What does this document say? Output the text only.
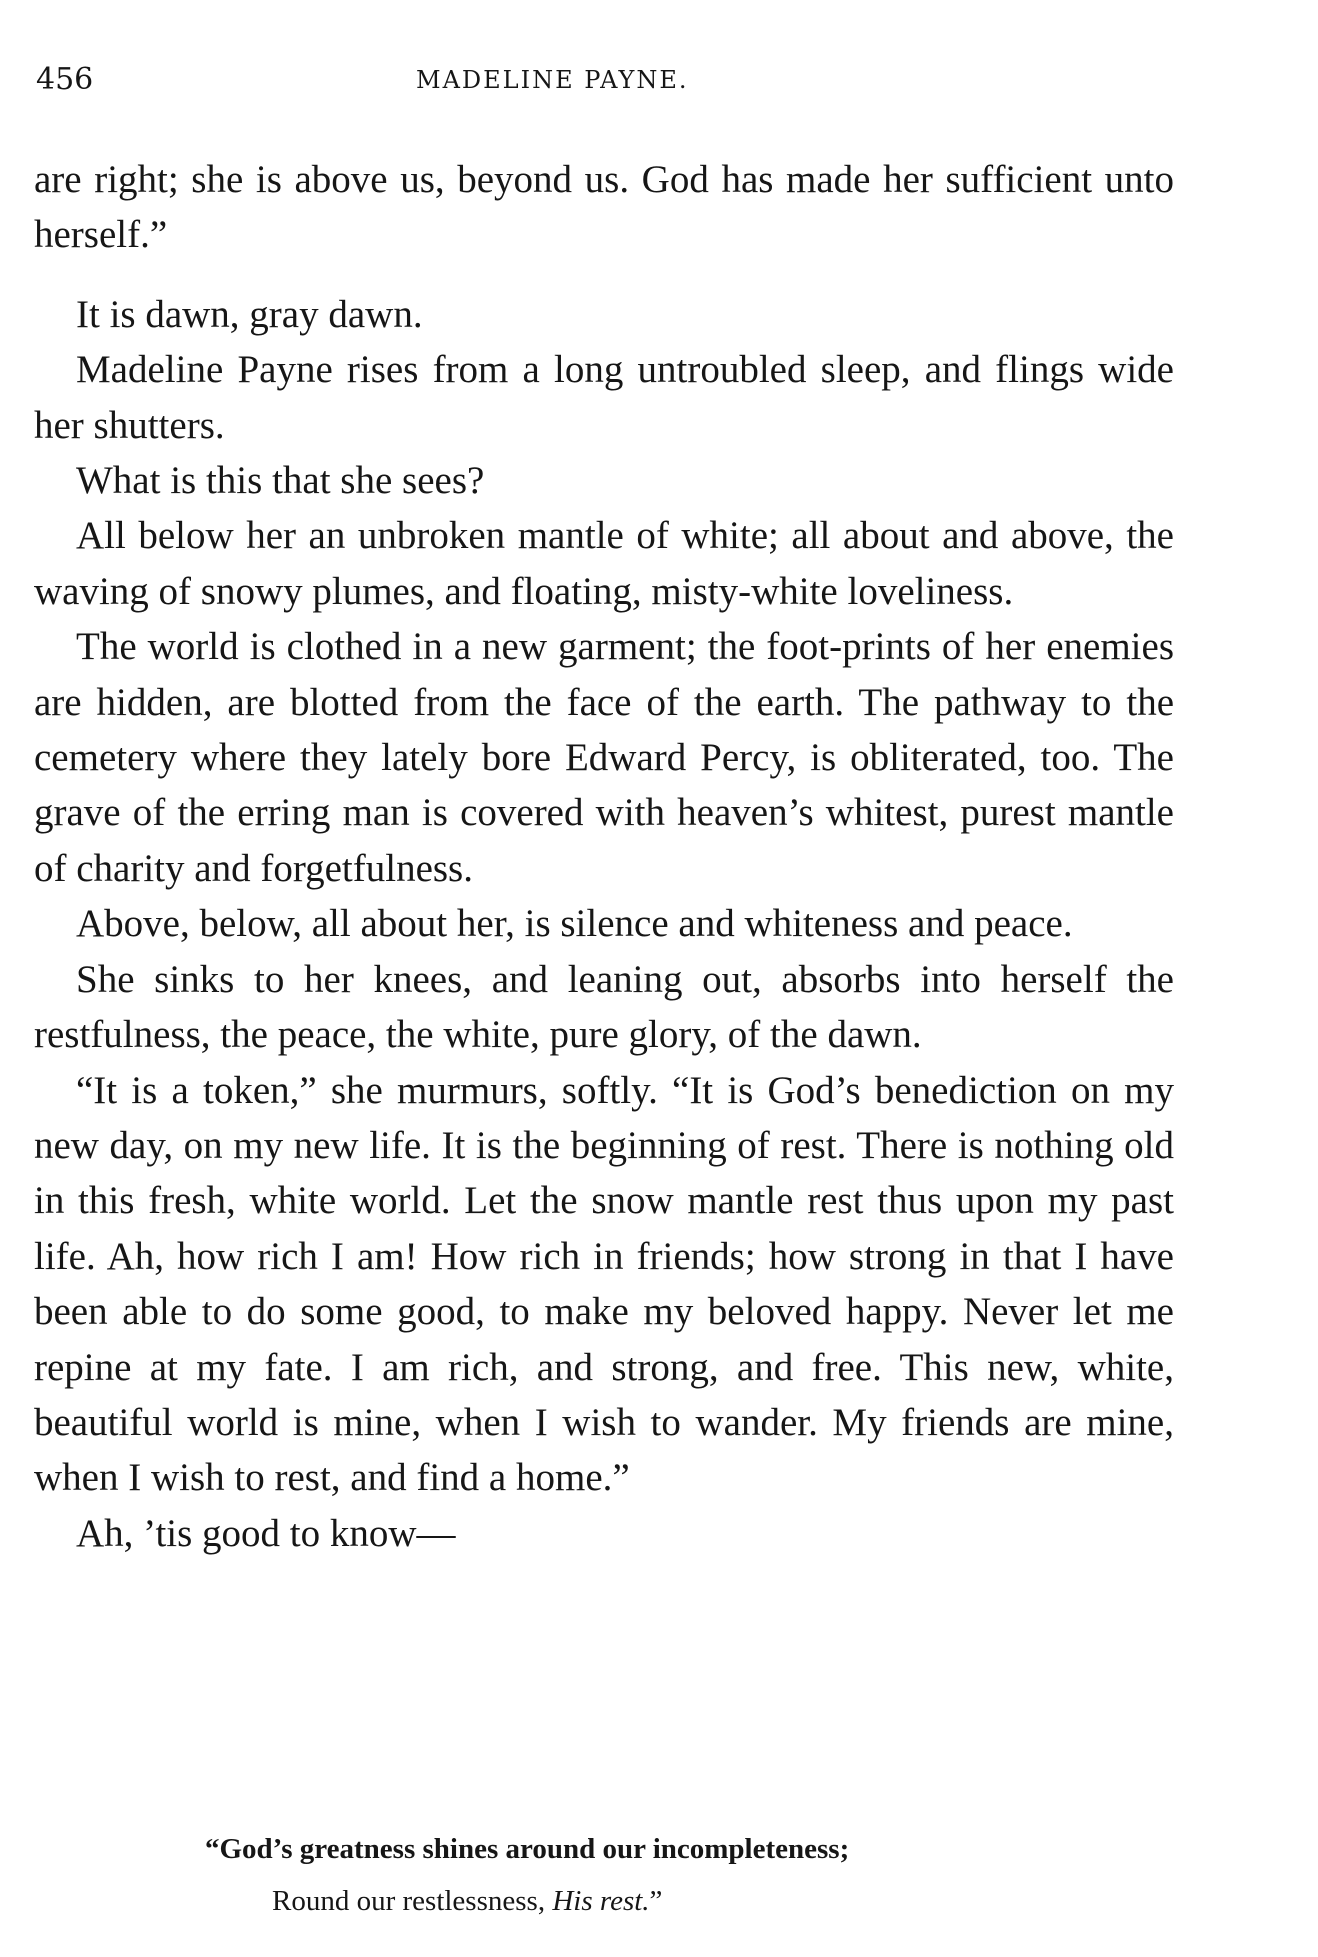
456	MADELINE PAYNE.

are right; she is above us, beyond us. God has made her sufficient unto herself.”

It is dawn, gray dawn.

Madeline Payne rises from a long untroubled sleep, and flings wide her shutters.

What is this that she sees?

All below her an unbroken mantle of white; all about and above, the waving of snowy plumes, and floating, misty-white loveliness.

The world is clothed in a new garment; the foot-prints of her enemies are hidden, are blotted from the face of the earth. The pathway to the cemetery where they lately bore Edward Percy, is obliterated, too. The grave of the erring man is covered with heaven’s whitest, purest mantle of charity and forgetfulness.

Above, below, all about her, is silence and whiteness and peace.

She sinks to her knees, and leaning out, absorbs into herself the restfulness, the peace, the white, pure glory, of the dawn.

“It is a token,” she murmurs, softly. “It is God’s benediction on my new day, on my new life. It is the beginning of rest. There is nothing old in this fresh, white world. Let the snow mantle rest thus upon my past life. Ah, how rich I am! How rich in friends; how strong in that I have been able to do some good, to make my beloved happy. Never let me repine at my fate. I am rich, and strong, and free. This new, white, beautiful world is mine, when I wish to wander. My friends are mine, when I wish to rest, and find a home.”

Ah, ’tis good to know—

“God’s greatness shines around our incompleteness;
Round our restlessness, His rest.”
